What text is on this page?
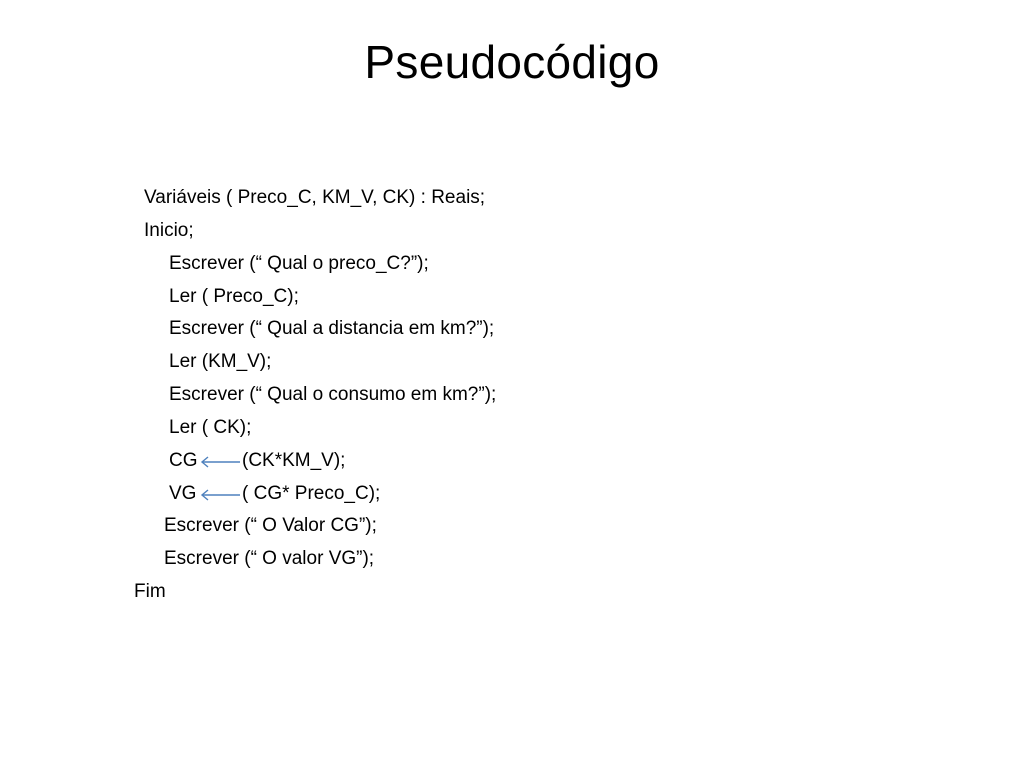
Pseudocódigo
Variáveis ( Preco_C, KM_V, CK) : Reais;
Inicio;
Escrever (“ Qual o preco_C?”);
Ler ( Preco_C);
Escrever (“ Qual a distancia em km?”);
Ler (KM_V);
Escrever (“ Qual o consumo em km?”);
Ler ( CK);
CG (CK*KM_V);
VG ( CG* Preco_C);
Escrever (“ O Valor CG”);
Escrever (“ O valor VG”);
Fim
